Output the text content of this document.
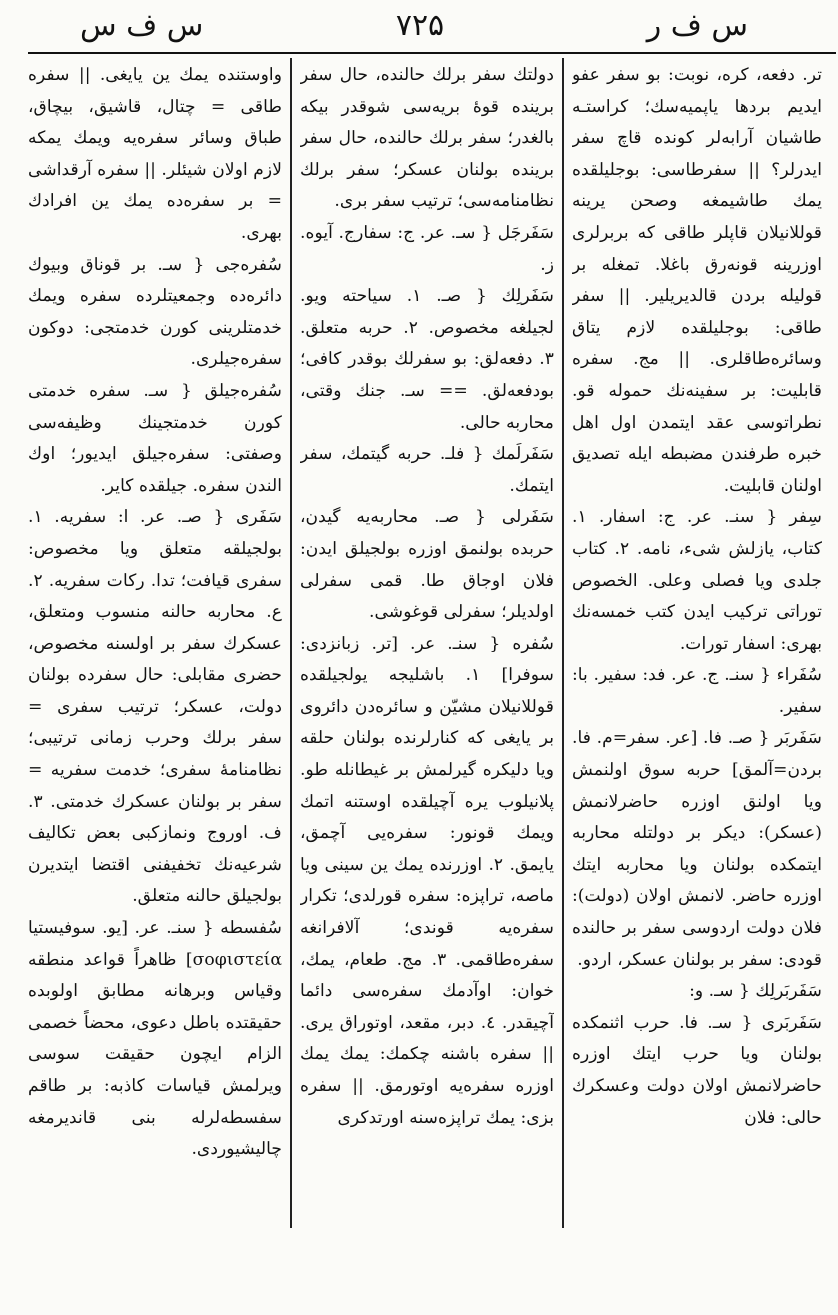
س ف س	۷۲۵	س ف ر

تر. دفعه، کره، نوبت: بو سفر عفو ایدیم بردها یاپمیه‌سك؛ کراستـه طاشیان آرابه‌لر کونده قاچ سفر ایدرلر؟ || سفرطاسی: بوجلیلقده یمك طاشیمغه وصحن یرینه قوللانیلان قاپلر طاقی که بربرلری اوزرینه قونه‌رق باغلا. تمغله بر قولیله بردن قالدیریلیر. || سفر طاقی: بوجلیلقده لازم یتاق وسائره‌طاقلری. || مج. سفره قابلیت: بر سفینه‌نك حموله قو. نطراتوسی عقد ایتمدن اول اهل خبره طرفندن مضبطه ایله تصدیق اولنان قابلیت.

سِفر { سنـ. عر. ج: اسفار. ۱. کتاب، یازلش شیء، نامه. ۲. کتاب جلدی ویا فصلی وعلی. الخصوص توراتی ترکیب ایدن کتب خمسه‌نك بهری: اسفار تورات.

سُفَراء { سنـ. ج. عر. فد: سفیر. با: سفیر.

سَفَربَر { صـ. فا. [عر. سفر=م. فا. بردن=آلمق] حربه سوق اولنمش ویا اولنق اوزره حاضرلانمش (عسکر): دیکر بر دولتله محاربه ایتمکده بولنان ویا محاربه ایتك اوزره حاضر. لانمش اولان (دولت): فلان دولت اردوسی سفر بر حالنده قودی: سفر بر بولنان عسکر، اردو.

سَفَربَرلِك { سـ. و:

سَفَربَری { سـ. فا. حرب اثنمکده بولنان ویا حرب ایتك اوزره حاضرلانمش اولان دولت وعسکرك حالی: فلان

دولتك سفر برلك حالنده، حال سفر برینده قوۀ بریه‌سی شوقدر بیکه بالغدر؛ سفر برلك حالنده، حال سفر برینده بولنان عسکر؛ سفر برلك نظامنامه‌سی؛ ترتیب سفر بری.

سَفَرجَل { سـ. عر. ج: سفارج. آیوه. ز.

سَفَرلِك { صـ. ۱. سیاحته ویو. لجیلغه مخصوص. ۲. حربه متعلق. ۳. دفعه‌لق: بو سفرلك بوقدر کافی؛ بودفعه‌لق. == سـ. جنك وقتی، محاربه حالی.

سَفَرلَمك { فلـ. حربه گیتمك، سفر ایتمك.

سَفَرلی { صـ. محاربه‌یه گیدن، حربده بولنمق اوزره بولجیلق ایدن: فلان اوجاق طا. قمی سفرلی اولدیلر؛ سفرلی قوغوشی.

سُفره { سنـ. عر. [تر. زبانزدی: سوفرا] ۱. باشلیجه یولجیلقده قوللانیلان مشیّن و سائره‌دن دائروی بر یایغی که کنارلرنده بولنان حلقه ویا دلیکره گیرلمش بر غیطانله طو. پلانیلوب یره آچیلقده اوستنه اتمك ویمك قونور: سفره‌یی آچمق، یایمق. ۲. اوزرنده یمك ین سینی ویا ماصه، تراپزه: سفره قورلدی؛ تکرار سفره‌یه قوندی؛ آلافرانغه سفره‌طاقمی. ۳. مج. طعام، یمك، خوان: اوآدمك سفره‌سی دائما آچیقدر. ٤. دبر، مقعد، اوتوراق یری. || سفره باشنه چکمك: یمك یمك اوزره سفره‌یه اوتورمق. || سفره بزی: یمك تراپزه‌سنه اورتدکری

واوستنده یمك ین یایغی. || سفره طاقی = چتال، قاشیق، بیچاق، طباق وسائر سفره‌یه ویمك یمکه لازم اولان شیئلر. || سفره آرقداشی = بر سفره‌ده یمك ین افرادك بهری.

سُفره‌جی { سـ. بر قوناق وبیوك دائره‌ده وجمعیتلرده سفره ویمك خدمتلرینی کورن خدمتجی: دوکون سفره‌جیلری.

سُفره‌جیلق { سـ. سفره خدمتی کورن خدمتجینك وظیفه‌سی وصفتی: سفره‌جیلق ایدیور؛ اوك الندن سفره. جیلقده کایر.

سَفَری { صـ. عر. ا: سفریه. ۱. بولجیلقه متعلق ویا مخصوص: سفری قیافت؛ تدا. رکات سفریه. ۲. ع. محاربه حالنه منسوب ومتعلق، عسکرك سفر بر اولسنه مخصوص، حضری مقابلی: حال سفرده بولنان دولت، عسکر؛ ترتیب سفری = سفر برلك وحرب زمانی ترتیبی؛ نظامنامهٔ سفری؛ خدمت سفریه = سفر بر بولنان عسکرك خدمتی. ۳. ف. اوروج ونمازکبی بعض تکالیف شرعیه‌نك تخفیفنی اقتضا ایتدیرن بولجیلق حالنه متعلق.

سُفسطه { سنـ. عر. [یو. سوفیستیا σοφιστεία] ظاهراً قواعد منطقه وقیاس وبرهانه مطابق اولوبده حقیقتده باطل دعوی، محضاً خصمی الزام ایچون حقیقت سوسی ویرلمش قیاسات کاذبه: بر طاقم سفسطه‌لرله بنی قاندیرمغه چالیشیوردی.
